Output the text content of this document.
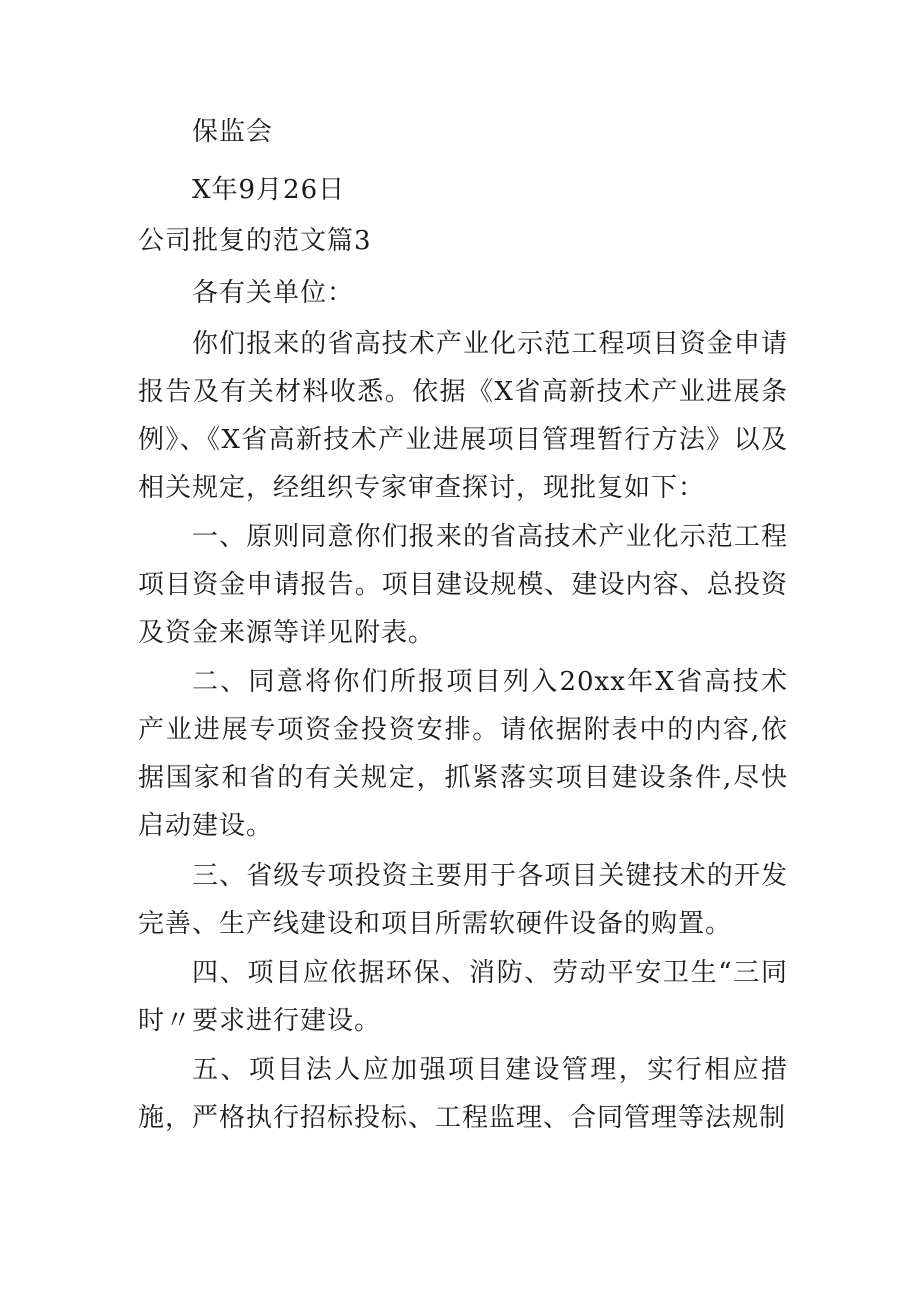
保监会
X年9月26日
公司批复的范文篇3
各有关单位：

你们报来的省高技术产业化示范工程项目资金申请报告及有关材料收悉。依据《X省高新技术产业进展条例》、《X省高新技术产业进展项目管理暂行方法》以及相关规定，经组织专家审查探讨，现批复如下：

一、原则同意你们报来的省高技术产业化示范工程项目资金申请报告。项目建设规模、建设内容、总投资及资金来源等详见附表。

二、同意将你们所报项目列入20xx年X省高技术产业进展专项资金投资安排。请依据附表中的内容,依据国家和省的有关规定，抓紧落实项目建设条件,尽快启动建设。

三、省级专项投资主要用于各项目关键技术的开发完善、生产线建设和项目所需软硬件设备的购置。

四、项目应依据环保、消防、劳动平安卫生“三同时〃要求进行建设。

五、项目法人应加强项目建设管理，实行相应措施，严格执行招标投标、工程监理、合同管理等法规制
